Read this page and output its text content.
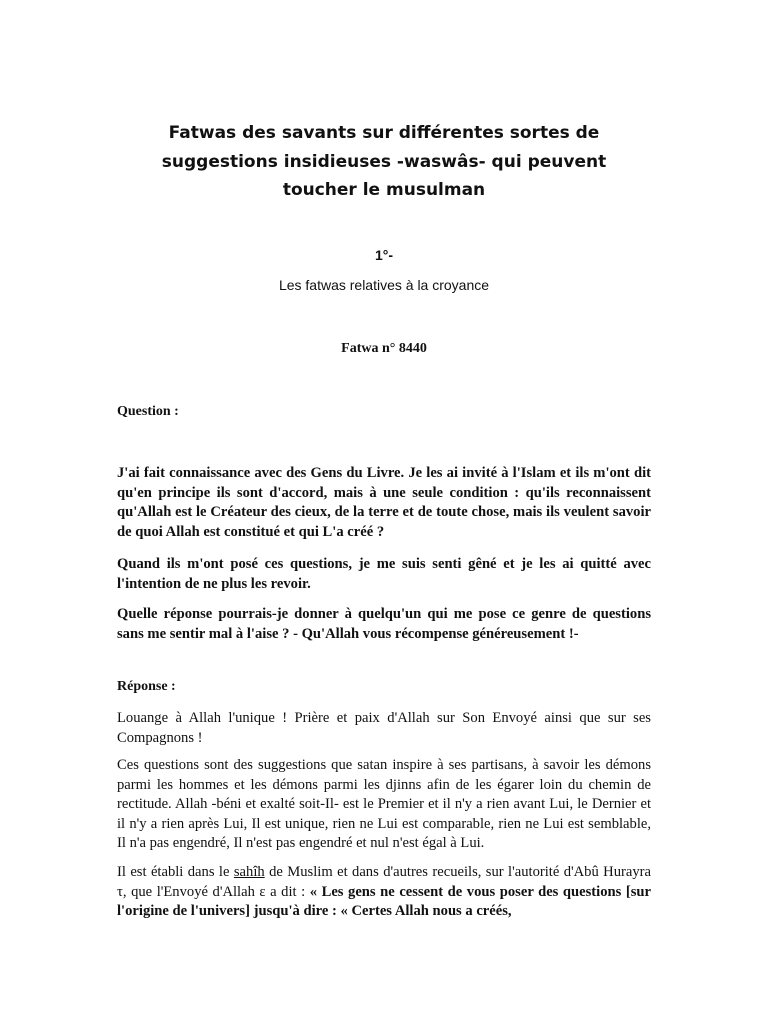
Fatwas des savants sur différentes sortes de
suggestions insidieuses -waswâs- qui peuvent
toucher le musulman
1°-
Les fatwas relatives à la croyance
Fatwa n° 8440
Question :

J'ai fait connaissance avec des Gens du Livre. Je les ai invité à l'Islam et ils m'ont dit qu'en principe ils sont d'accord, mais à une seule condition : qu'ils reconnaissent qu'Allah est le Créateur des cieux, de la terre et de toute chose, mais ils veulent savoir de quoi Allah est constitué et qui L'a créé ?

Quand ils m'ont posé ces questions, je me suis senti gêné et je les ai quitté avec l'intention de ne plus les revoir.

Quelle réponse pourrais-je donner à quelqu'un qui me pose ce genre de questions sans me sentir mal à l'aise ? - Qu'Allah vous récompense généreusement !-

Réponse :

Louange à Allah l'unique ! Prière et paix d'Allah sur Son Envoyé ainsi que sur ses Compagnons !

Ces questions sont des suggestions que satan inspire à ses partisans, à savoir les démons parmi les hommes et les démons parmi les djinns afin de les égarer loin du chemin de rectitude. Allah -béni et exalté soit-Il- est le Premier et il n'y a rien avant Lui, le Dernier et il n'y a rien après Lui, Il est unique, rien ne Lui est comparable, rien ne Lui est semblable, Il n'a pas engendré, Il n'est pas engendré et nul n'est égal à Lui.

Il est établi dans le sahîh de Muslim et dans d'autres recueils, sur l'autorité d'Abû Hurayra τ, que l'Envoyé d'Allah ε a dit : « Les gens ne cessent de vous poser des questions [sur l'origine de l'univers] jusqu'à dire : « Certes Allah nous a créés,
